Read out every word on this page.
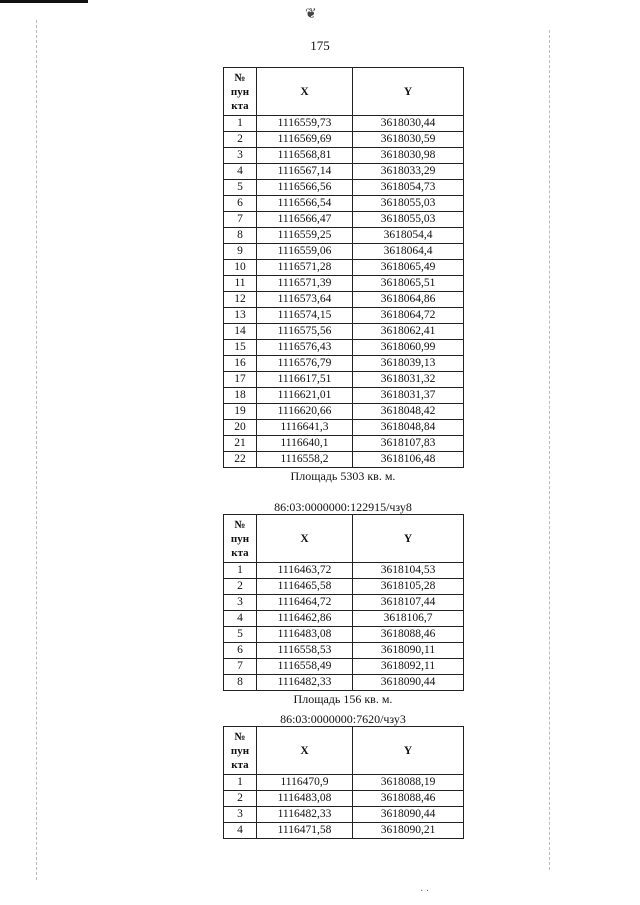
❦
175
№
пун
кта	X	Y
1	1116559,73	3618030,44
2	1116569,69	3618030,59
3	1116568,81	3618030,98
4	1116567,14	3618033,29
5	1116566,56	3618054,73
6	1116566,54	3618055,03
7	1116566,47	3618055,03
8	1116559,25	3618054,4
9	1116559,06	3618064,4
10	1116571,28	3618065,49
11	1116571,39	3618065,51
12	1116573,64	3618064,86
13	1116574,15	3618064,72
14	1116575,56	3618062,41
15	1116576,43	3618060,99
16	1116576,79	3618039,13
17	1116617,51	3618031,32
18	1116621,01	3618031,37
19	1116620,66	3618048,42
20	1116641,3	3618048,84
21	1116640,1	3618107,83
22	1116558,2	3618106,48
Площадь 5303 кв. м.
86:03:0000000:122915/чзу8
№
пун
кта	X	Y
1	1116463,72	3618104,53
2	1116465,58	3618105,28
3	1116464,72	3618107,44
4	1116462,86	3618106,7
5	1116483,08	3618088,46
6	1116558,53	3618090,11
7	1116558,49	3618092,11
8	1116482,33	3618090,44
Площадь 156 кв. м.
86:03:0000000:7620/чзу3
№
пун
кта	X	Y
1	1116470,9	3618088,19
2	1116483,08	3618088,46
3	1116482,33	3618090,44
4	1116471,58	3618090,21
· ·
